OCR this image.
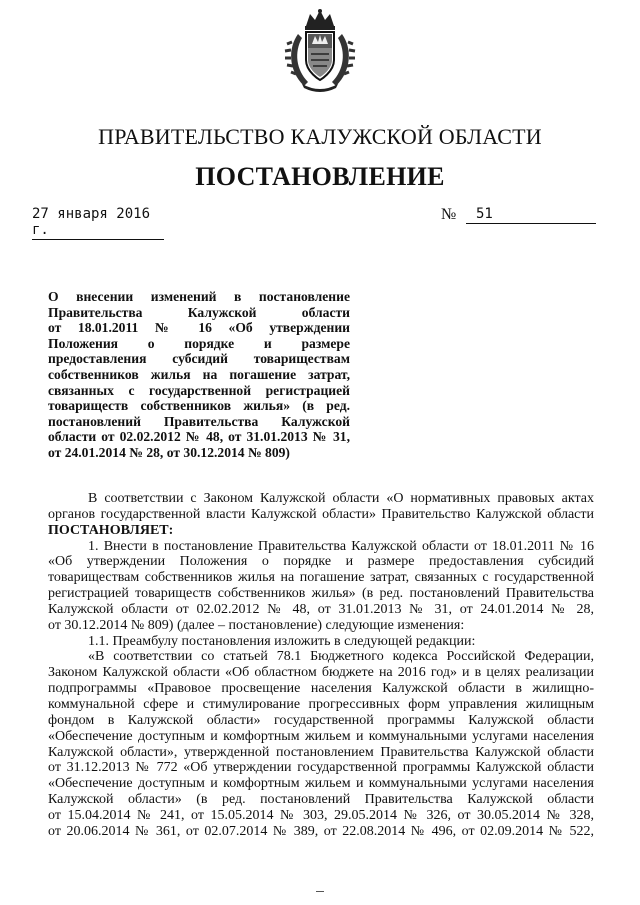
ПРАВИТЕЛЬСТВО КАЛУЖСКОЙ ОБЛАСТИ
ПОСТАНОВЛЕНИЕ
27 января 2016 г.
№	51
О внесении изменений в постановление
Правительства Калужской области
от 18.01.2011 № 16 «Об утверждении
Положения о порядке и размере
предоставления субсидий товариществам
собственников жилья на погашение затрат,
связанных с государственной регистрацией
товариществ собственников жилья» (в ред.
постановлений Правительства Калужской
области от 02.02.2012 № 48, от 31.01.2013 № 31,
от 24.01.2014 № 28, от 30.12.2014 № 809)
В соответствии с Законом Калужской области «О нормативных правовых актах
органов государственной власти Калужской области» Правительство Калужской области
ПОСТАНОВЛЯЕТ:
1. Внести в постановление Правительства Калужской области от 18.01.2011 № 16
«Об утверждении Положения о порядке и размере предоставления субсидий
товариществам собственников жилья на погашение затрат, связанных с государственной
регистрацией товариществ собственников жилья» (в ред. постановлений Правительства
Калужской области от 02.02.2012 № 48, от 31.01.2013 № 31, от 24.01.2014 № 28,
от 30.12.2014 № 809) (далее – постановление) следующие изменения:
1.1. Преамбулу постановления изложить в следующей редакции:
«В соответствии со статьей 78.1 Бюджетного кодекса Российской Федерации,
Законом Калужской области «Об областном бюджете на 2016 год» и в целях реализации
подпрограммы «Правовое просвещение населения Калужской области в жилищно-
коммунальной сфере и стимулирование прогрессивных форм управления жилищным
фондом в Калужской области» государственной программы Калужской области
«Обеспечение доступным и комфортным жильем и коммунальными услугами населения
Калужской области», утвержденной постановлением Правительства Калужской области
от 31.12.2013 № 772 «Об утверждении государственной программы Калужской области
«Обеспечение доступным и комфортным жильем и коммунальными услугами населения
Калужской области» (в ред. постановлений Правительства Калужской области
от 15.04.2014 № 241, от 15.05.2014 № 303, 29.05.2014 № 326, от 30.05.2014 № 328,
от 20.06.2014 № 361, от 02.07.2014 № 389, от 22.08.2014 № 496, от 02.09.2014 № 522,
